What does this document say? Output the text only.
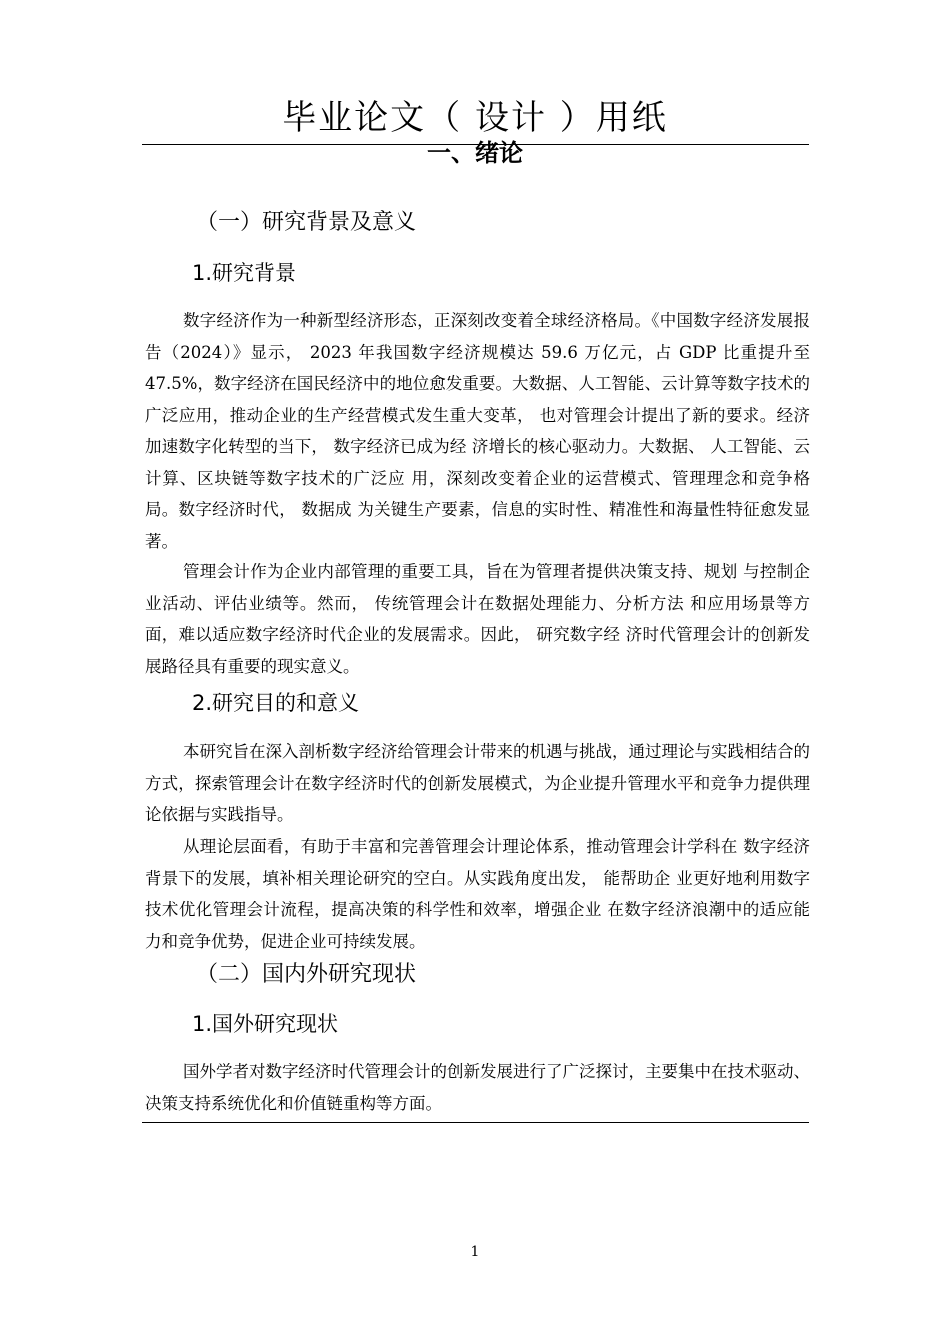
毕业论文（ 设计 ）用纸
一、绪论
（一）研究背景及意义
1.研究背景

数字经济作为一种新型经济形态，正深刻改变着全球经济格局。《中国数字经济发展报告（2024）》显示， 2023 年我国数字经济规模达 59.6 万亿元，占 GDP 比重提升至 47.5%，数字经济在国民经济中的地位愈发重要。大数据、人工智能、云计算等数字技术的广泛应用，推动企业的生产经营模式发生重大变革， 也对管理会计提出了新的要求。经济加速数字化转型的当下， 数字经济已成为经 济增长的核心驱动力。大数据、 人工智能、云计算、区块链等数字技术的广泛应 用，深刻改变着企业的运营模式、管理理念和竞争格局。数字经济时代， 数据成 为关键生产要素，信息的实时性、精准性和海量性特征愈发显著。

管理会计作为企业内部管理的重要工具，旨在为管理者提供决策支持、规划 与控制企业活动、评估业绩等。然而， 传统管理会计在数据处理能力、分析方法 和应用场景等方面，难以适应数字经济时代企业的发展需求。因此， 研究数字经 济时代管理会计的创新发展路径具有重要的现实意义。

2.研究目的和意义

本研究旨在深入剖析数字经济给管理会计带来的机遇与挑战，通过理论与实践相结合的方式，探索管理会计在数字经济时代的创新发展模式，为企业提升管理水平和竞争力提供理论依据与实践指导。

从理论层面看，有助于丰富和完善管理会计理论体系，推动管理会计学科在 数字经济背景下的发展，填补相关理论研究的空白。从实践角度出发， 能帮助企 业更好地利用数字技术优化管理会计流程，提高决策的科学性和效率，增强企业 在数字经济浪潮中的适应能力和竞争优势，促进企业可持续发展。

（二）国内外研究现状
1.国外研究现状

国外学者对数字经济时代管理会计的创新发展进行了广泛探讨，主要集中在技术驱动、决策支持系统优化和价值链重构等方面。

1
